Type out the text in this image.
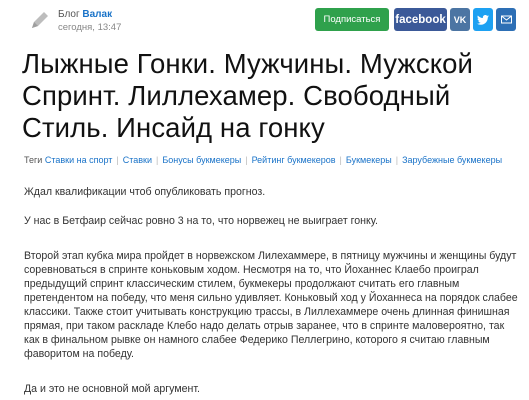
Блог Валак
сегодня, 13:47
Подписаться	facebook VK
Лыжные Гонки. Мужчины. Мужской Спринт. Лиллехамер. Свободный Стиль. Инсайд на гонку
Теги Ставки на спорт | Ставки | Бонусы букмекеры | Рейтинг букмекеров | Букмекеры | Зарубежные букмекеры

Ждал квалификации чтоб опубликовать прогноз.

У нас в Бетфаир сейчас ровно 3 на то, что норвежец не выиграет гонку.

Второй этап кубка мира пройдет в норвежском Лилехаммере, в пятницу мужчины и женщины будут соревноваться в спринте коньковым ходом. Несмотря на то, что Йоханнес Клаебо проиграл предыдущий спринт классическим стилем, букмекеры продолжают считать его главным претендентом на победу, что меня сильно удивляет. Коньковый ход у Йоханнеса на порядок слабее классики. Также стоит учитывать конструкцию трассы, в Лиллехаммере очень длинная финишная прямая, при таком раскладе Клебо надо делать отрыв заранее, что в спринте маловероятно, так как в финальном рывке он намного слабее Федерико Пеллегрино, которого я считаю главным фаворитом на победу.

Да и это не основной мой аргумент.
